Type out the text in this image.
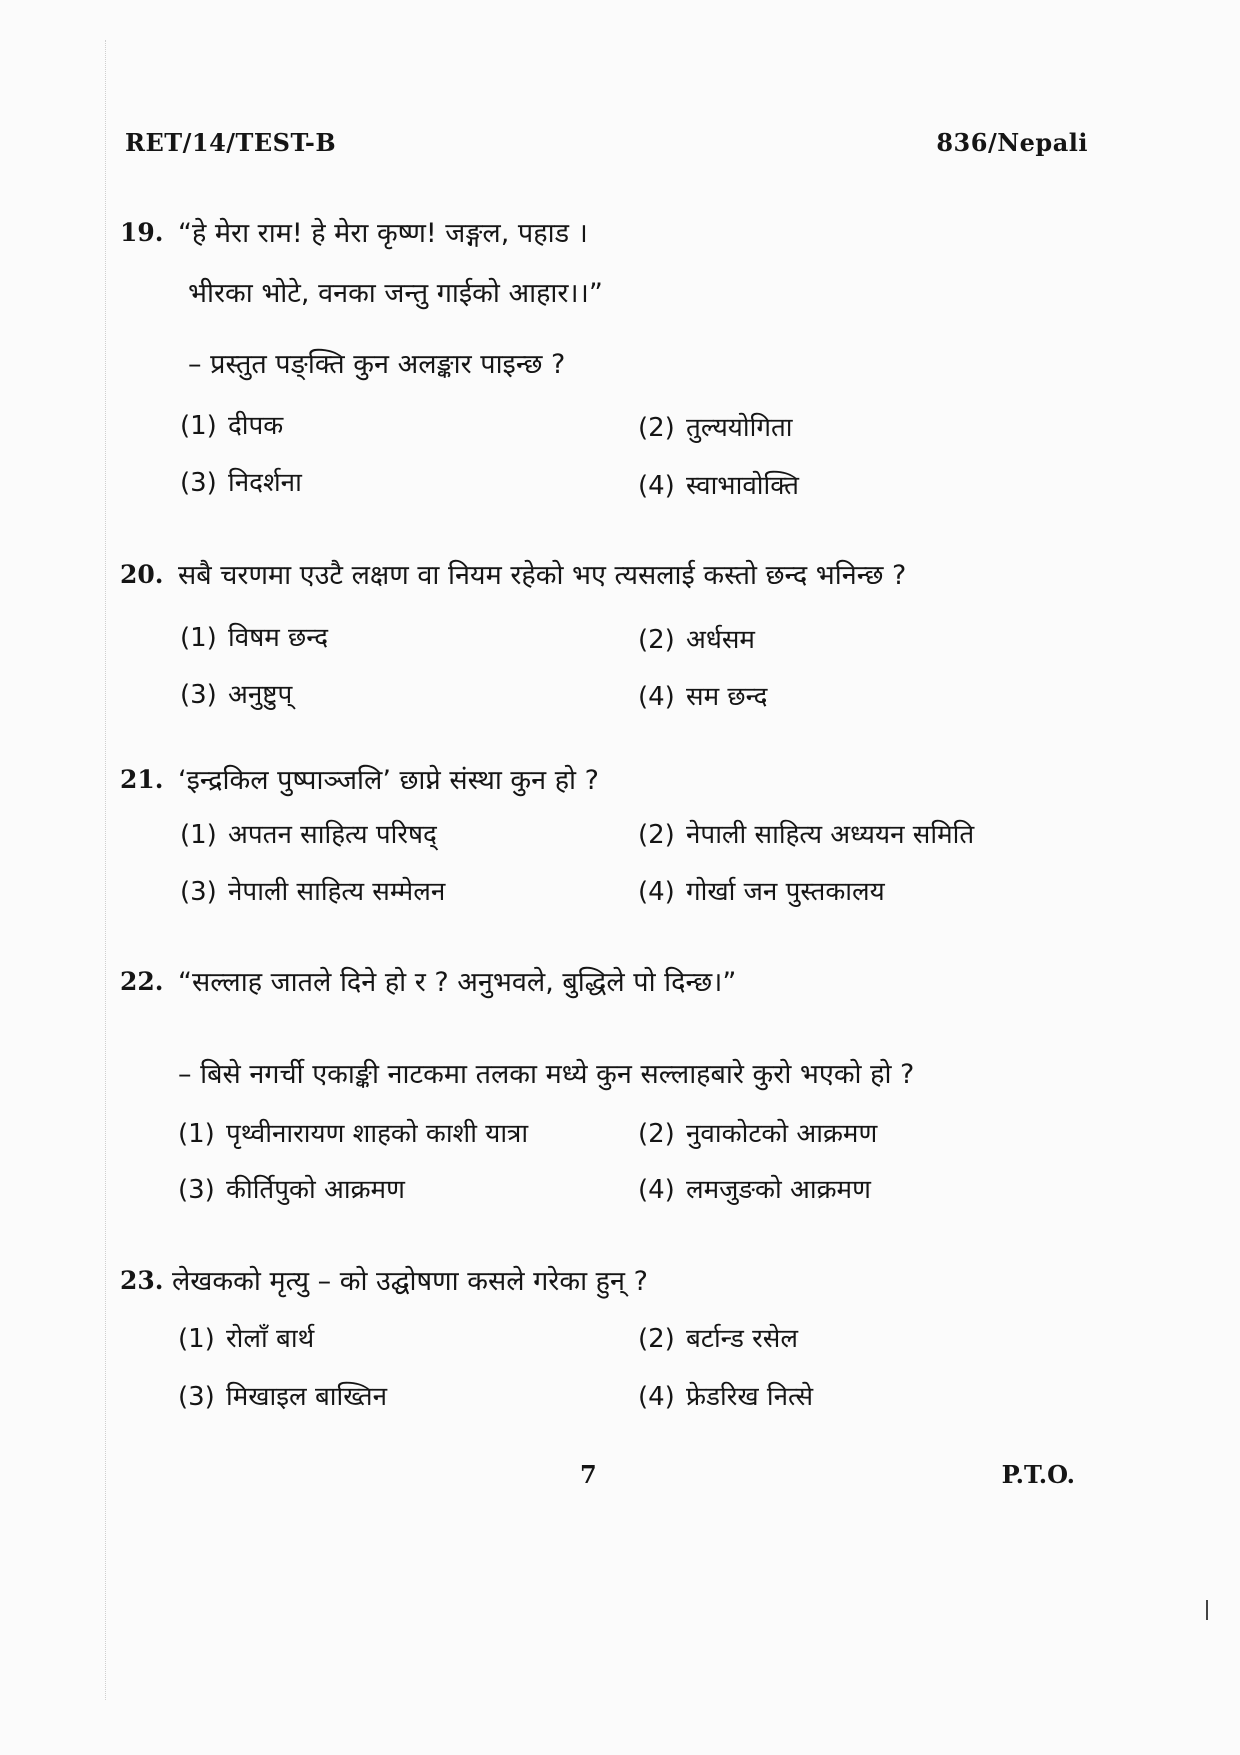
RET/14/TEST-B	836/Nepali
19. “हे मेरा राम! हे मेरा कृष्ण! जङ्गल, पहाड ।
भीरका भोटे, वनका जन्तु गाईको आहार।।”
– प्रस्तुत पङ्क्ति कुन अलङ्कार पाइन्छ ?
(1) दीपक	(2) तुल्ययोगिता
(3) निदर्शना	(4) स्वाभावोक्ति
20. सबै चरणमा एउटै लक्षण वा नियम रहेको भए त्यसलाई कस्तो छन्द भनिन्छ ?
(1) विषम छन्द	(2) अर्धसम
(3) अनुष्टुप्	(4) सम छन्द
21. ‘इन्द्रकिल पुष्पाञ्जलि’ छाप्ने संस्था कुन हो ?
(1) अपतन साहित्य परिषद्	(2) नेपाली साहित्य अध्ययन समिति
(3) नेपाली साहित्य सम्मेलन	(4) गोर्खा जन पुस्तकालय
22. “सल्लाह जातले दिने हो र ? अनुभवले, बुद्धिले पो दिन्छ।”
– बिसे नगर्ची एकाङ्की नाटकमा तलका मध्ये कुन सल्लाहबारे कुरो भएको हो ?
(1) पृथ्वीनारायण शाहको काशी यात्रा	(2) नुवाकोटको आक्रमण
(3) कीर्तिपुको आक्रमण	(4) लमजुङको आक्रमण
23. लेखकको मृत्यु – को उद्घोषणा कसले गरेका हुन् ?
(1) रोलाँ बार्थ	(2) बर्टान्ड रसेल
(3) मिखाइल बाख्तिन	(4) फ्रेडरिख नित्से
7	P.T.O.
